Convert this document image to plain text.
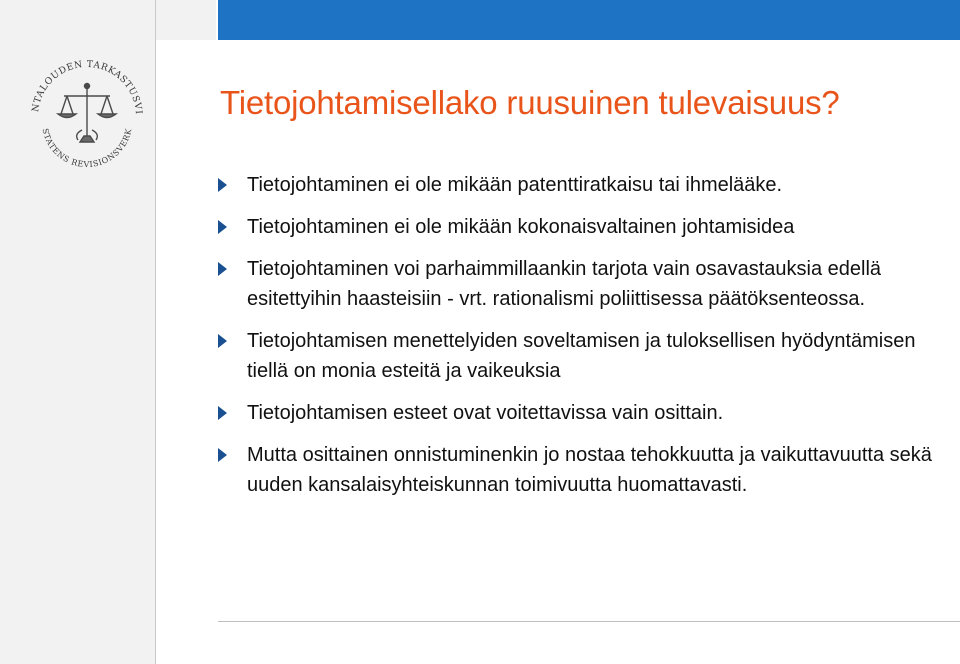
NTALOUDEN TARKASTUSVI
STATENS REVISIONSVERK
Tietojohtamisellako ruusuinen tulevaisuus?
Tietojohtaminen ei ole mikään patenttiratkaisu tai ihmelääke.
Tietojohtaminen ei ole mikään kokonaisvaltainen johtamisidea
Tietojohtaminen voi parhaimmillaankin tarjota vain osavastauksia edellä esitettyihin haasteisiin - vrt. rationalismi poliittisessa päätöksenteossa.
Tietojohtamisen menettelyiden soveltamisen ja tuloksellisen hyödyntämisen tiellä on monia esteitä ja vaikeuksia
Tietojohtamisen esteet ovat voitettavissa vain osittain.
Mutta osittainen onnistuminenkin jo nostaa tehokkuutta ja vaikuttavuutta sekä uuden kansalaisyhteiskunnan toimivuutta huomattavasti.
